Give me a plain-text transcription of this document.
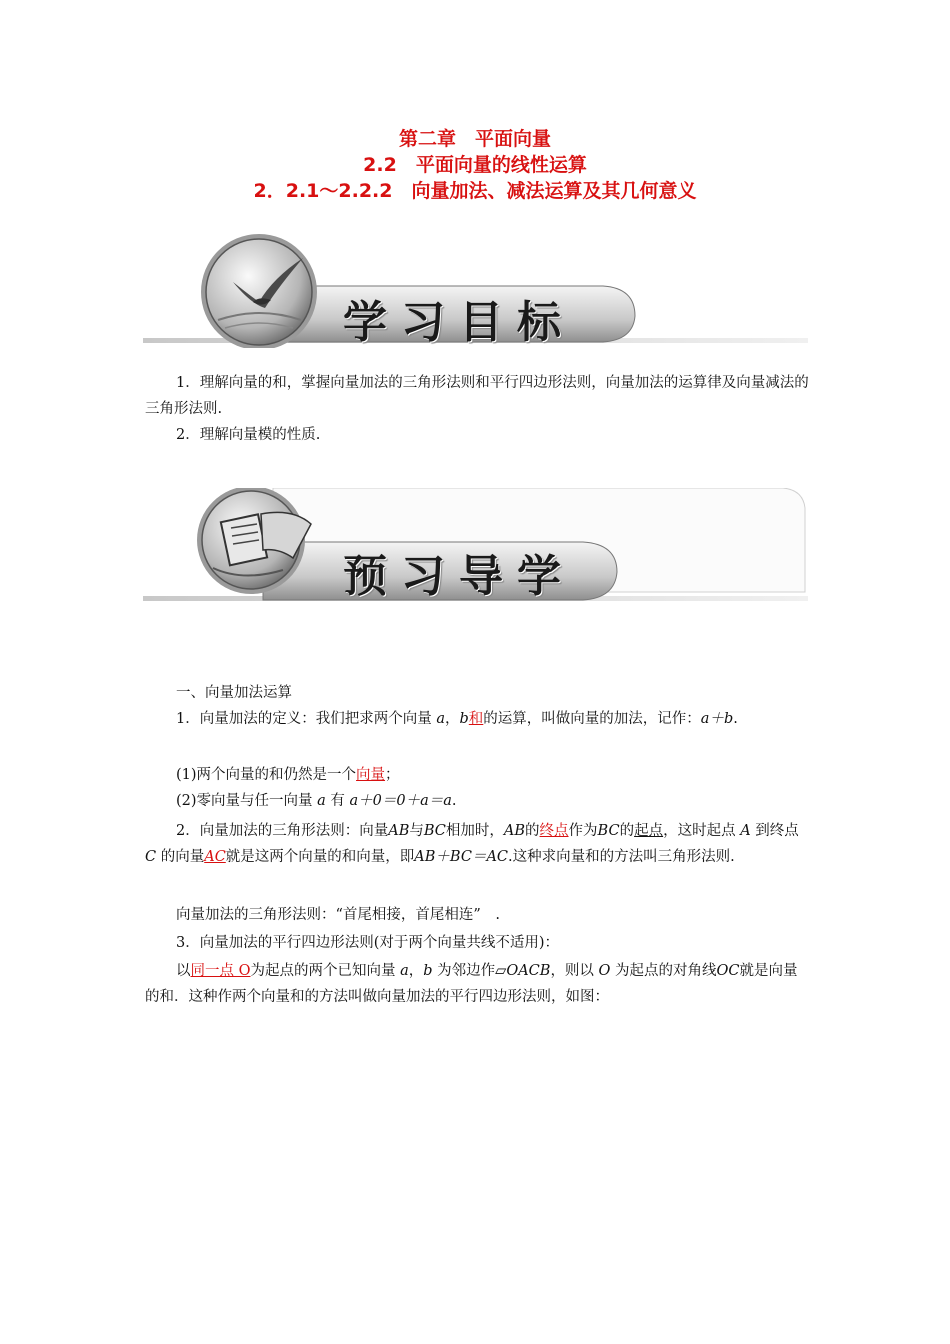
第二章　平面向量
2.2　平面向量的线性运算
2．2.1～2.2.2　向量加法、减法运算及其几何意义
学习目标
1．理解向量的和，掌握向量加法的三角形法则和平行四边形法则，向量加法的运算律及向量减法的三角形法则.
2．理解向量模的性质.
预习导学
一、向量加法运算
1．向量加法的定义：我们把求两个向量 a，b和的运算，叫做向量的加法，记作：a＋b.
(1)两个向量的和仍然是一个向量；
(2)零向量与任一向量 a 有 a＋0＝0＋a＝a.
2．向量加法的三角形法则：向量AB与BC相加时，AB的终点作为BC的起点，这时起点 A 到终点 C 的向量AC就是这两个向量的和向量，即AB＋BC＝AC.这种求向量和的方法叫三角形法则.
向量加法的三角形法则：“首尾相接，首尾相连”　.
3．向量加法的平行四边形法则(对于两个向量共线不适用)：
以同一点 O为起点的两个已知向量 a，b 为邻边作▱OACB，则以 O 为起点的对角线OC就是向量的和．这种作两个向量和的方法叫做向量加法的平行四边形法则，如图：
